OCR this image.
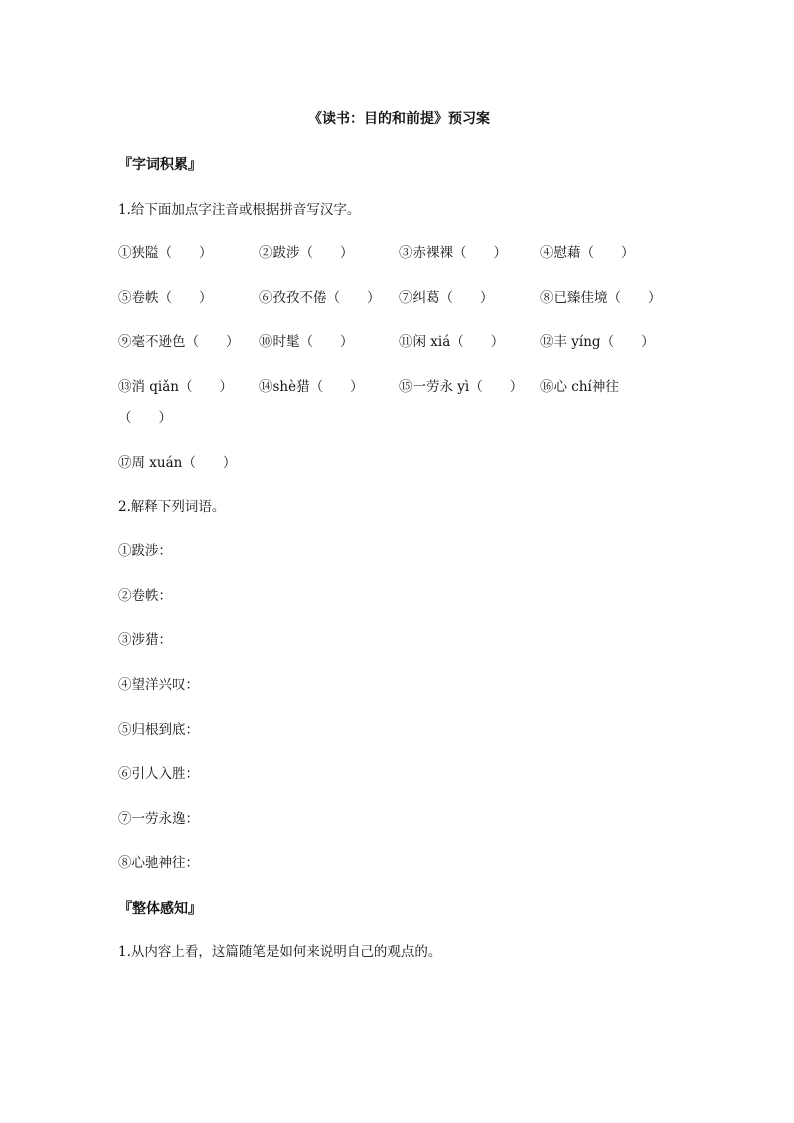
《读书：目的和前提》预习案
『字词积累』
1.给下面加点字注音或根据拼音写汉字。
①狭隘（　　）	②跋涉（　　）	③赤裸裸（　　） ④慰藉（　　）
⑤卷帙（　　）	⑥孜孜不倦（　　） ⑦纠葛（　　）	⑧已臻佳境（　　）
⑨毫不逊色（　　） ⑩时髦（　　）	⑪闲 xiá（　　）	⑫丰 yíng（　　）
⑬消 qiǎn（　　） ⑭shè猎（　　）	⑮一劳永 yì（　　） ⑯心 chí神往
（　　）
⑰周 xuán（　　）
2.解释下列词语。
①跋涉：
②卷帙：
③涉猎：
④望洋兴叹：
⑤归根到底：
⑥引人入胜：
⑦一劳永逸：
⑧心驰神往：
『整体感知』
1.从内容上看，这篇随笔是如何来说明自己的观点的。
